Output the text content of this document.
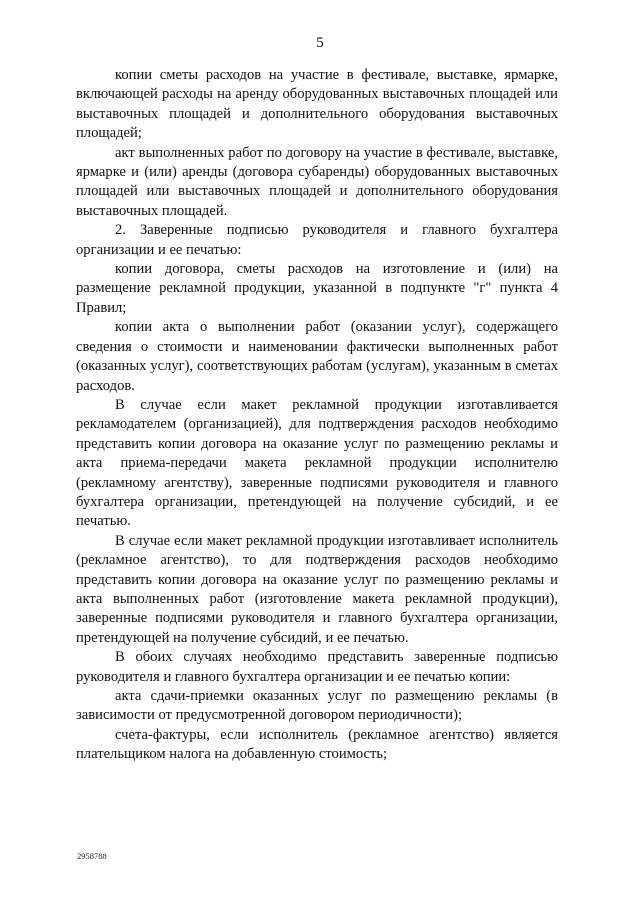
5

копии сметы расходов на участие в фестивале, выставке, ярмарке, включающей расходы на аренду оборудованных выставочных площадей или выставочных площадей и дополнительного оборудования выставочных площадей;

акт выполненных работ по договору на участие в фестивале, выставке, ярмарке и (или) аренды (договора субаренды) оборудованных выставочных площадей или выставочных площадей и дополнительного оборудования выставочных площадей.

2. Заверенные подписью руководителя и главного бухгалтера организации и ее печатью:

копии договора, сметы расходов на изготовление и (или) на размещение рекламной продукции, указанной в подпункте "г" пункта 4 Правил;

копии акта о выполнении работ (оказании услуг), содержащего сведения о стоимости и наименовании фактически выполненных работ (оказанных услуг), соответствующих работам (услугам), указанным в сметах расходов.

В случае если макет рекламной продукции изготавливается рекламодателем (организацией), для подтверждения расходов необходимо представить копии договора на оказание услуг по размещению рекламы и акта приема-передачи макета рекламной продукции исполнителю (рекламному агентству), заверенные подписями руководителя и главного бухгалтера организации, претендующей на получение субсидий, и ее печатью.

В случае если макет рекламной продукции изготавливает исполнитель (рекламное агентство), то для подтверждения расходов необходимо представить копии договора на оказание услуг по размещению рекламы и акта выполненных работ (изготовление макета рекламной продукции), заверенные подписями руководителя и главного бухгалтера организации, претендующей на получение субсидий, и ее печатью.

В обоих случаях необходимо представить заверенные подписью руководителя и главного бухгалтера организации и ее печатью копии:

акта сдачи-приемки оказанных услуг по размещению рекламы (в зависимости от предусмотренной договором периодичности);

счета-фактуры, если исполнитель (рекламное агентство) является плательщиком налога на добавленную стоимость;

2958788
